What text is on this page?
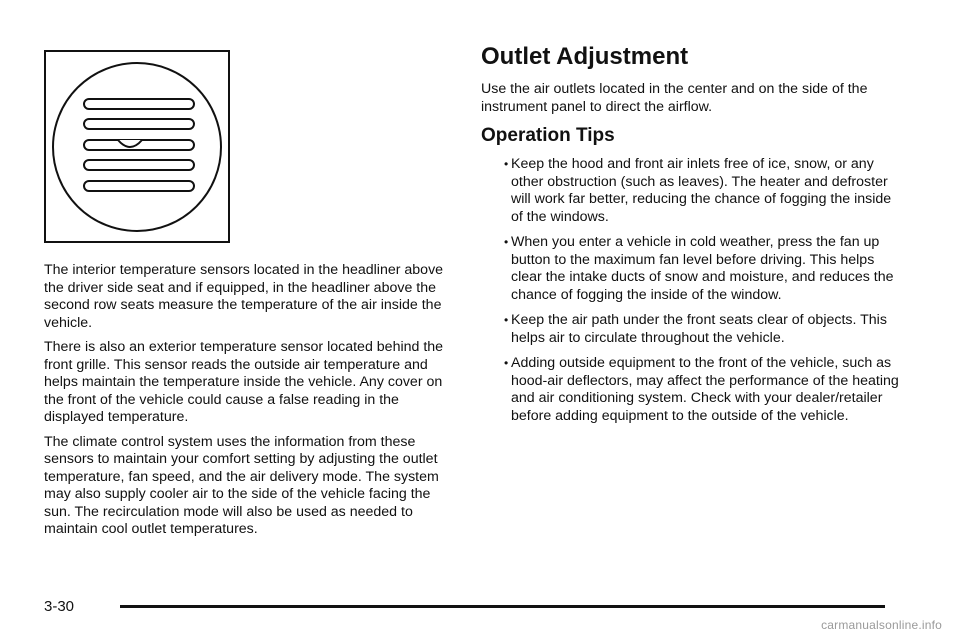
The interior temperature sensors located in the headliner above the driver side seat and if equipped, in the headliner above the second row seats measure the temperature of the air inside the vehicle.

There is also an exterior temperature sensor located behind the front grille. This sensor reads the outside air temperature and helps maintain the temperature inside the vehicle. Any cover on the front of the vehicle could cause a false reading in the displayed temperature.

The climate control system uses the information from these sensors to maintain your comfort setting by adjusting the outlet temperature, fan speed, and the air delivery mode. The system may also supply cooler air to the side of the vehicle facing the sun. The recirculation mode will also be used as needed to maintain cool outlet temperatures.

Outlet Adjustment

Use the air outlets located in the center and on the side of the instrument panel to direct the airflow.

Operation Tips
• Keep the hood and front air inlets free of ice, snow, or any other obstruction (such as leaves). The heater and defroster will work far better, reducing the chance of fogging the inside of the windows.

• When you enter a vehicle in cold weather, press the fan up button to the maximum fan level before driving. This helps clear the intake ducts of snow and moisture, and reduces the chance of fogging the inside of the window.

• Keep the air path under the front seats clear of objects. This helps air to circulate throughout the vehicle.

• Adding outside equipment to the front of the vehicle, such as hood-air deflectors, may affect the performance of the heating and air conditioning system. Check with your dealer/retailer before adding equipment to the outside of the vehicle.

3-30
carmanualsonline.info
